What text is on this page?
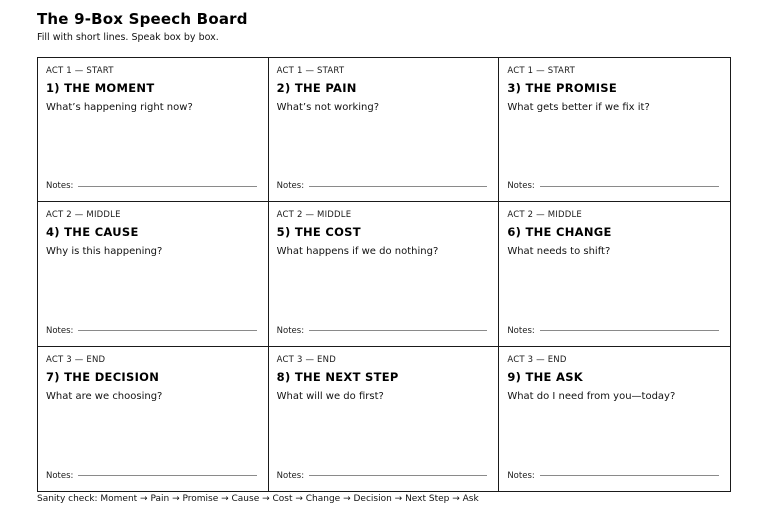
The 9-Box Speech Board
Fill with short lines. Speak box by box.
ACT 1 — START
1) THE MOMENT
What’s happening right now?
Notes:
ACT 1 — START
2) THE PAIN
What’s not working?
Notes:
ACT 1 — START
3) THE PROMISE
What gets better if we fix it?
Notes:
ACT 2 — MIDDLE
4) THE CAUSE
Why is this happening?
Notes:
ACT 2 — MIDDLE
5) THE COST
What happens if we do nothing?
Notes:
ACT 2 — MIDDLE
6) THE CHANGE
What needs to shift?
Notes:
ACT 3 — END
7) THE DECISION
What are we choosing?
Notes:
ACT 3 — END
8) THE NEXT STEP
What will we do first?
Notes:
ACT 3 — END
9) THE ASK
What do I need from you—today?
Notes:
Sanity check: Moment → Pain → Promise → Cause → Cost → Change → Decision → Next Step → Ask
